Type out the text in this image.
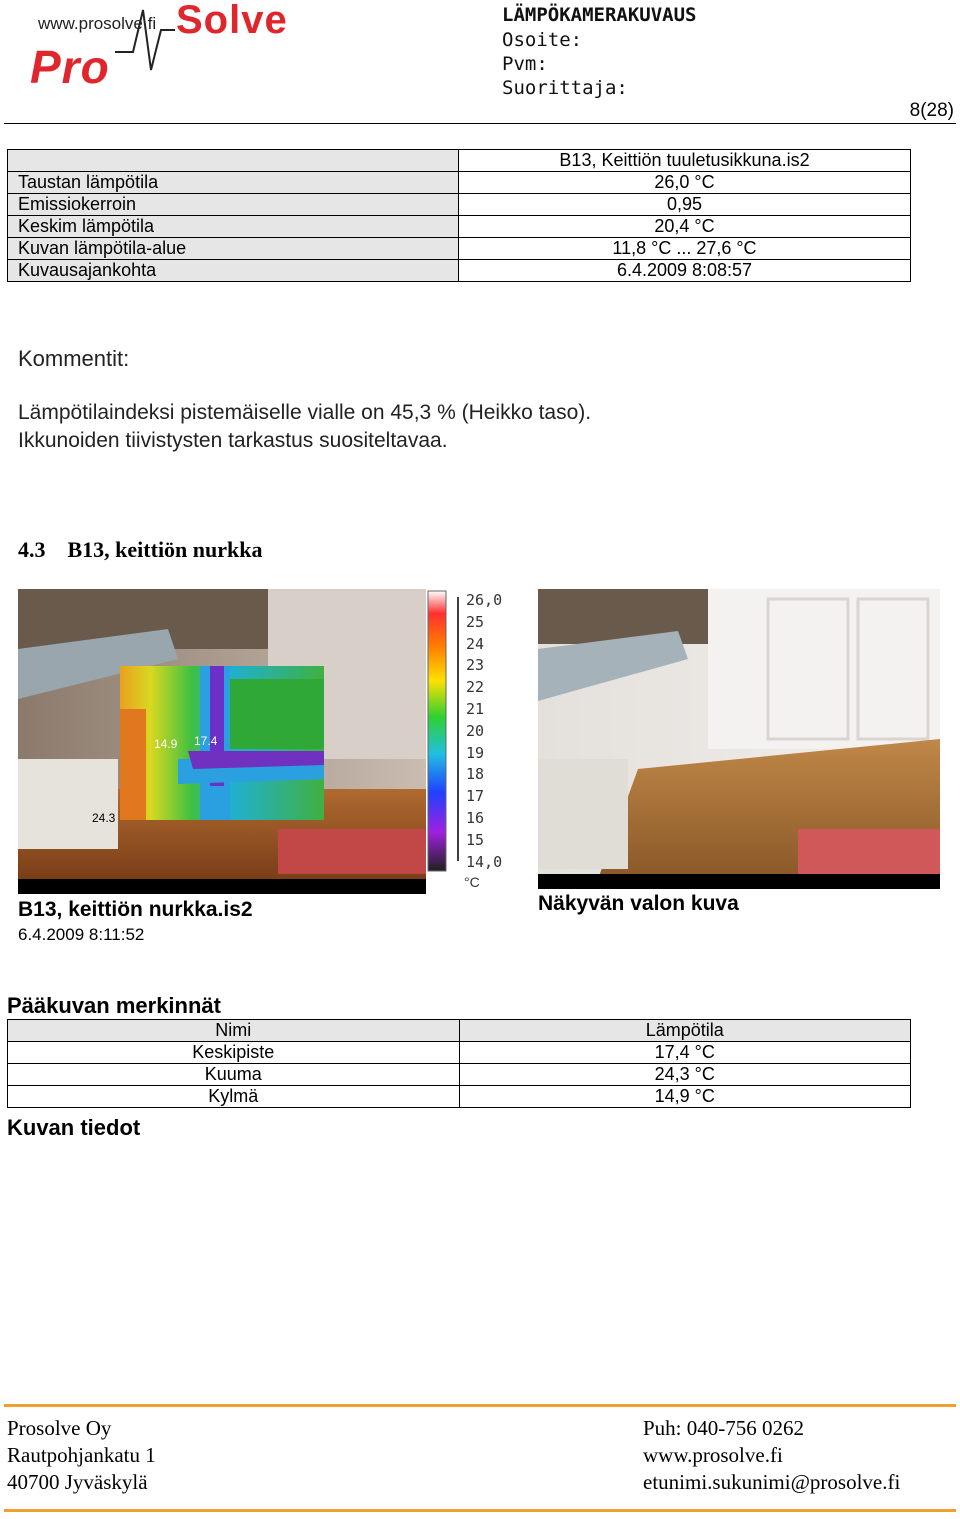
www.prosolve.fi Solve
Pro
LÄMPÖKAMERAKUVAUS
Osoite:
Pvm:
Suorittaja:
8(28)
	B13, Keittiön tuuletusikkuna.is2
Taustan lämpötila	26,0 °C
Emissiokerroin	0,95
Keskim lämpötila	20,4 °C
Kuvan lämpötila-alue	11,8 °C ... 27,6 °C
Kuvausajankohta	6.4.2009 8:08:57
Kommentit:
Lämpötilaindeksi pistemäiselle vialle on 45,3 % (Heikko taso).
Ikkunoiden tiivistysten tarkastus suositeltavaa.
4.3    B13, keittiön nurkka
14.9 17.4
24.3
26,0
25
24
23
22
21
20
19
18
17
16
15
14,0
°C
B13, keittiön nurkka.is2
6.4.2009 8:11:52
Näkyvän valon kuva
Pääkuvan merkinnät
Nimi	Lämpötila
Keskipiste	17,4 °C
Kuuma	24,3 °C
Kylmä	14,9 °C
Kuvan tiedot
Prosolve Oy
Rautpohjankatu 1
40700 Jyväskylä
Puh: 040-756 0262
www.prosolve.fi
etunimi.sukunimi@prosolve.fi
